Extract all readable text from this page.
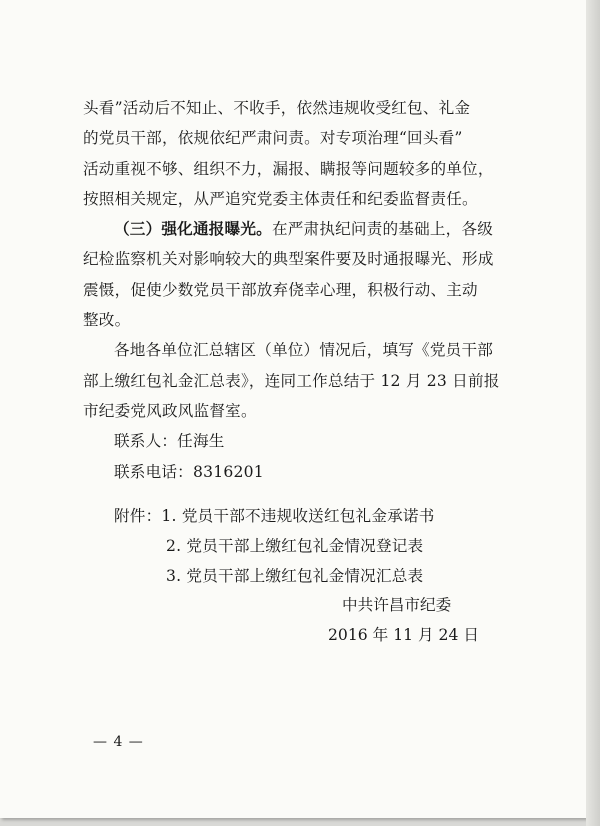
头看”活动后不知止、不收手，依然违规收受红包、礼金
的党员干部，依规依纪严肃问责。对专项治理“回头看”
活动重视不够、组织不力，漏报、瞒报等问题较多的单位，
按照相关规定，从严追究党委主体责任和纪委监督责任。
（三）强化通报曝光。在严肃执纪问责的基础上，各级
纪检监察机关对影响较大的典型案件要及时通报曝光、形成
震慑，促使少数党员干部放弃侥幸心理，积极行动、主动
整改。
各地各单位汇总辖区（单位）情况后，填写《党员干部
部上缴红包礼金汇总表》，连同工作总结于 12 月 23 日前报
市纪委党风政风监督室。
联系人：任海生
联系电话：8316201
附件：1. 党员干部不违规收送红包礼金承诺书
2. 党员干部上缴红包礼金情况登记表
3. 党员干部上缴红包礼金情况汇总表
中共许昌市纪委
2016 年 11 月 24 日
— 4 —
